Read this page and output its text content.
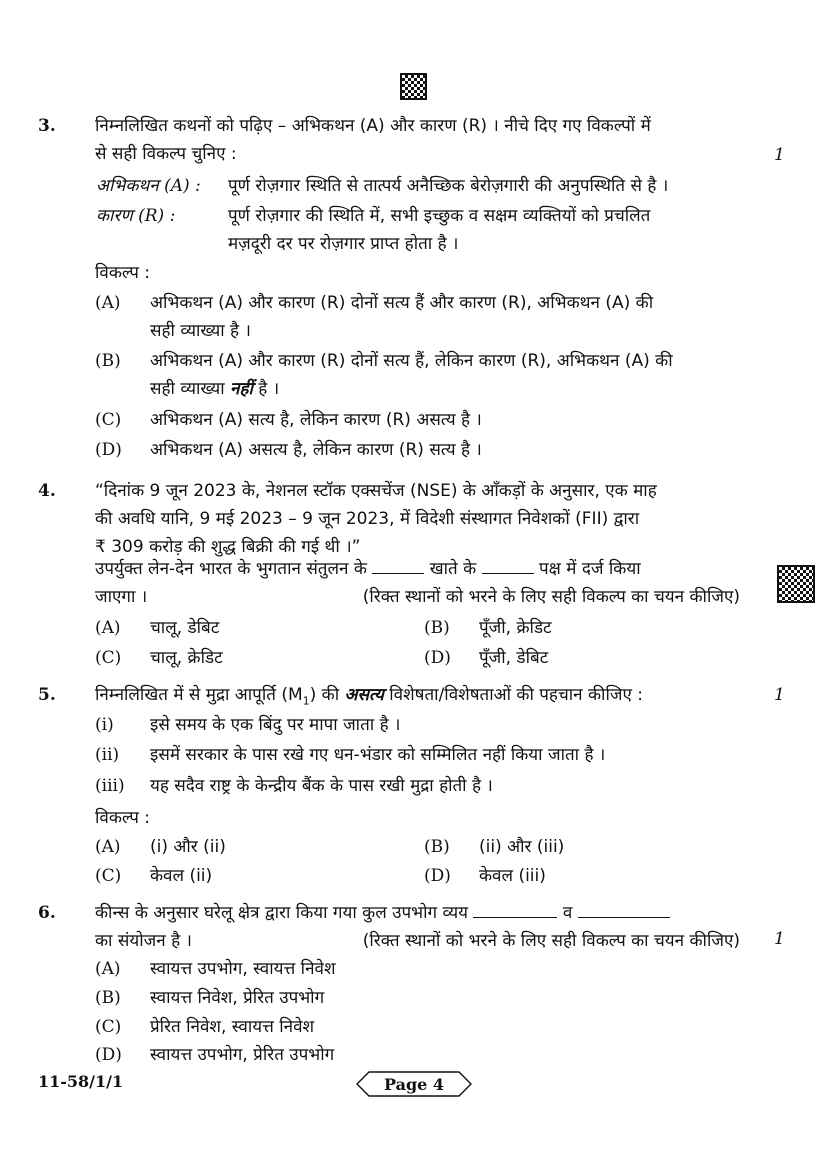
3. निम्नलिखित कथनों को पढ़िए – अभिकथन (A) और कारण (R) । नीचे दिए गए विकल्पों में
से सही विकल्प चुनिए :	1
अभिकथन (A) : पूर्ण रोज़गार स्थिति से तात्पर्य अनैच्छिक बेरोज़गारी की अनुपस्थिति से है ।
कारण (R) :	पूर्ण रोज़गार की स्थिति में, सभी इच्छुक व सक्षम व्यक्तियों को प्रचलित
मज़दूरी दर पर रोज़गार प्राप्त होता है ।
विकल्प :
(A) अभिकथन (A) और कारण (R) दोनों सत्य हैं और कारण (R), अभिकथन (A) की
सही व्याख्या है ।
(B) अभिकथन (A) और कारण (R) दोनों सत्य हैं, लेकिन कारण (R), अभिकथन (A) की
सही व्याख्या नहीं है ।
(C) अभिकथन (A) सत्य है, लेकिन कारण (R) असत्य है ।
(D) अभिकथन (A) असत्य है, लेकिन कारण (R) सत्य है ।
4. “दिनांक 9 जून 2023 के, नेशनल स्टॉक एक्सचेंज (NSE) के आँकड़ों के अनुसार, एक माह
की अवधि यानि, 9 मई 2023 – 9 जून 2023, में विदेशी संस्थागत निवेशकों (FII) द्वारा
₹ 309 करोड़ की शुद्ध बिक्री की गई थी ।”
उपर्युक्त लेन-देन भारत के भुगतान संतुलन के	खाते के	पक्ष में दर्ज किया
जाएगा ।	(रिक्त स्थानों को भरने के लिए सही विकल्प का चयन कीजिए)
(A) चालू, डेबिट	(B) पूँजी, क्रेडिट
(C) चालू, क्रेडिट	(D) पूँजी, डेबिट
5. निम्नलिखित में से मुद्रा आपूर्ति $(M_1)$ की असत्य विशेषता/विशेषताओं की पहचान कीजिए :	1
(i) इसे समय के एक बिंदु पर मापा जाता है ।
(ii) इसमें सरकार के पास रखे गए धन-भंडार को सम्मिलित नहीं किया जाता है ।
(iii) यह सदैव राष्ट्र के केन्द्रीय बैंक के पास रखी मुद्रा होती है ।
विकल्प :
(A) (i) और (ii)	(B) (ii) और (iii)
(C) केवल (ii)	(D) केवल (iii)
6. कीन्स के अनुसार घरेलू क्षेत्र द्वारा किया गया कुल उपभोग व्यय	व
का संयोजन है ।	(रिक्त स्थानों को भरने के लिए सही विकल्प का चयन कीजिए) 1
(A) स्वायत्त उपभोग, स्वायत्त निवेश
(B) स्वायत्त निवेश, प्रेरित उपभोग
(C) प्रेरित निवेश, स्वायत्त निवेश
(D) स्वायत्त उपभोग, प्रेरित उपभोग
11-58/1/1	Page 4
